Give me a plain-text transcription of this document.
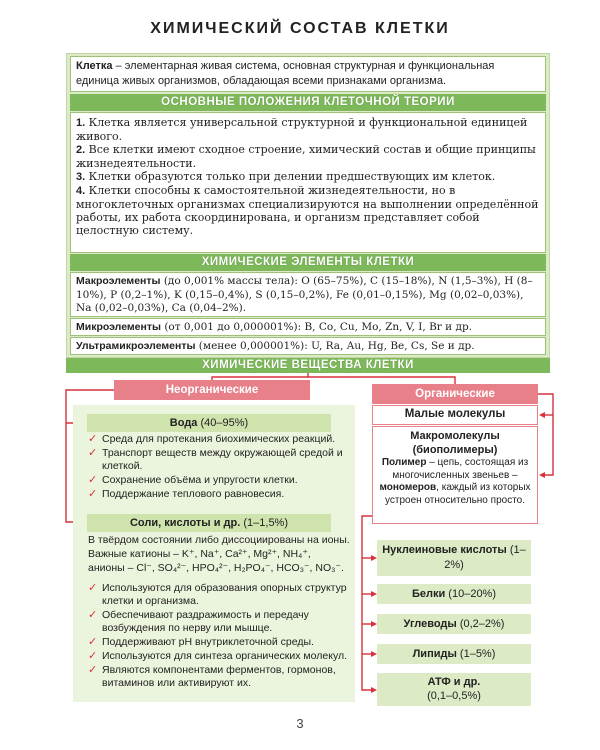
ХИМИЧЕСКИЙ СОСТАВ КЛЕТКИ
Клетка – элементарная живая система, основная структурная и функциональная единица живых организмов, обладающая всеми признаками организма.
ОСНОВНЫЕ ПОЛОЖЕНИЯ КЛЕТОЧНОЙ ТЕОРИИ

1. Клетка является универсальной структурной и функциональной единицей живого.

2. Все клетки имеют сходное строение, химический состав и общие принципы жизнедеятельности.

3. Клетки образуются только при делении предшествующих им клеток.

4. Клетки способны к самостоятельной жизнедеятельности, но в многоклеточных организмах специализируются на выполнении определённой работы, их работа скоординирована, и организм представляет собой целостную систему.

ХИМИЧЕСКИЕ ЭЛЕМЕНТЫ КЛЕТКИ
Макроэлементы (до 0,001% массы тела): O (65–75%), C (15–18%), N (1,5–3%), H (8–10%), P (0,2–1%), K (0,15–0,4%), S (0,15–0,2%), Fe (0,01–0,15%), Mg (0,02–0,03%), Na (0,02–0,03%), Ca (0,04–2%).
Микроэлементы (от 0,001 до 0,000001%): B, Co, Cu, Mo, Zn, V, I, Br и др.
Ультрамикроэлементы (менее 0,000001%): U, Ra, Au, Hg, Be, Cs, Se и др.
ХИМИЧЕСКИЕ ВЕЩЕСТВА КЛЕТКИ
Неорганические	Органические
Вода (40–95%)
✓ Среда для протекания биохимических реакций.
✓ Транспорт веществ между окружающей средой и клеткой.
✓ Сохранение объёма и упругости клетки.
✓ Поддержание теплового равновесия.
Соли, кислоты и др. (1–1,5%)
В твёрдом состоянии либо диссоциированы на ионы. Важные катионы – K⁺, Na⁺, Ca²⁺, Mg²⁺, NH₄⁺, анионы – Cl⁻, SO₄²⁻, HPO₄²⁻, H₂PO₄⁻, HCO₃⁻, NO₃⁻.
✓ Используются для образования опорных структур клетки и организма.
✓ Обеспечивают раздражимость и передачу возбуждения по нерву или мышце.
✓ Поддерживают pH внутриклеточной среды.
✓ Используются для синтеза органических молекул.
✓ Являются компонентами ферментов, гормонов, витаминов или активируют их.
Малые молекулы
Макромолекулы (биополимеры)
Полимер – цепь, состоящая из многочисленных звеньев – мономеров, каждый из которых устроен относительно просто.
Нуклеиновые кислоты (1–2%)
Белки (10–20%)
Углеводы (0,2–2%)
Липиды (1–5%)
АТФ и др.
(0,1–0,5%)
3
